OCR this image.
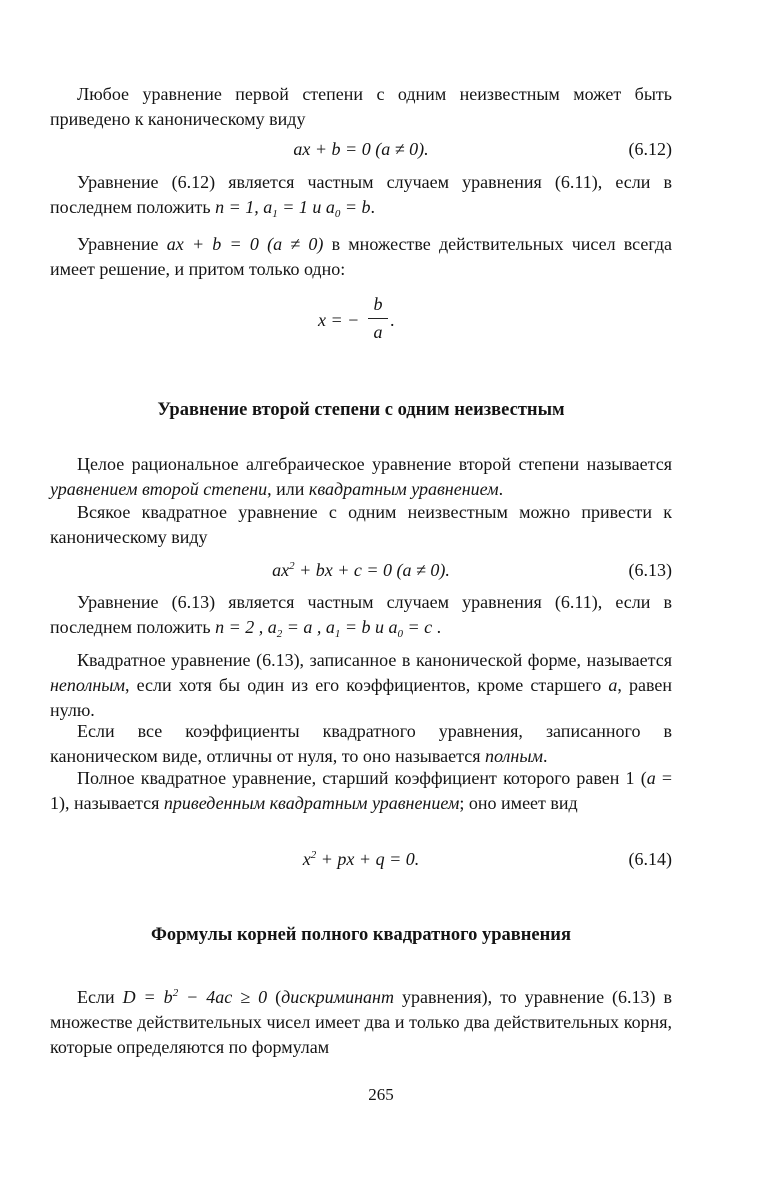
Любое уравнение первой степени с одним неизвестным может быть приведено к каноническому виду

ax + b = 0 (a ≠ 0).	(6.12)

Уравнение (6.12) является частным случаем уравнения (6.11), если в последнем положить n = 1, $a_1 = 1$ и $a_0 = b$.

Уравнение ax + b = 0 (a ≠ 0) в множестве действительных чисел всегда имеет решение, и притом только одно:

x = −
b
a
.
Уравнение второй степени с одним неизвестным

Целое рациональное алгебраическое уравнение второй степени называется уравнением второй степени, или квадратным уравнением.

Всякое квадратное уравнение с одним неизвестным можно привести к каноническому виду

$ax^2$ + bx + c = 0 (a ≠ 0).	(6.13)

Уравнение (6.13) является частным случаем уравнения (6.11), если в последнем положить n = 2 , $a_2 = a$ , $a_1 = b$ и $a_0 = c$ .

Квадратное уравнение (6.13), записанное в канонической форме, называется неполным, если хотя бы один из его коэффициентов, кроме старшего a, равен нулю.

Если все коэффициенты квадратного уравнения, записанного в каноническом виде, отличны от нуля, то оно называется полным.

Полное квадратное уравнение, старший коэффициент которого равен 1 (a = 1), называется приведенным квадратным уравнением; оно имеет вид

$x^2$ + px + q = 0.	(6.14)
Формулы корней полного квадратного уравнения

Если $D = b^2 - 4ac \ge 0$ (дискриминант уравнения), то уравнение (6.13) в множестве действительных чисел имеет два и только два действительных корня, которые определяются по формулам

265
